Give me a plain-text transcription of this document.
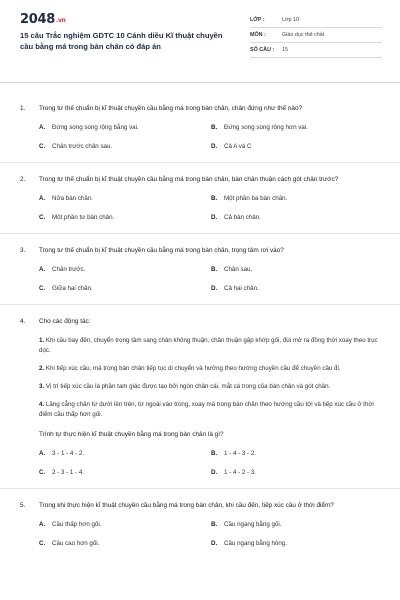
2048.vn
15 câu Trắc nghiệm GDTC 10 Cánh diều Kĩ thuật chuyền cầu bằng má trong bàn chân có đáp án
LỚP :	Lớp 10
MÔN :	Giáo dục thể chất
SỐ CÂU :	15
1.	Trong tư thế chuẩn bị kĩ thuật chuyền cầu bằng má trong bàn chân, chân đứng như thế nào?
A.	Đứng song song rộng bằng vai.	B.	Đứng song song rộng hơn vai.
C.	Chân trước chân sau.	D.	Cả A và C
2.	Trong tư thế chuẩn bị kĩ thuật chuyền cầu bằng má trong bàn chân, bàn chân thuận cách gót chân trước?
A.	Nửa bàn chân.	B.	Một phần ba bàn chân.
C.	Một phần tư bàn chân.	D.	Cả bàn chân.
3.	Trong tư thế chuẩn bị kĩ thuật chuyền cầu bằng má trong bàn chân, trọng tâm rơi vào?
A.	Chân trước.	B.	Chân sau.
C.	Giữa hai chân.	D.	Cả hai chân.
4.	Cho các động tác:
1. Khi cầu bay đến, chuyển trọng tâm sang chân không thuận, chân thuận gập khớp gối, đùi mở ra đồng thời xoay theo trục dọc.
2. Khi tiếp xúc cầu, má trong bàn chân tiếp tục di chuyển và hướng theo hướng chuyền cầu để chuyền cầu đi.
3. Vị trí tiếp xúc cầu là phần tam giác được tạo bởi ngón chân cái, mắt cá trong của bàn chân và gót chân.
4. Lăng cẳng chân từ dưới lên trên, từ ngoài vào trong, xoay má trong bàn chân theo hướng cầu tới và tiếp xúc cầu ở thời điểm cầu thấp hơn gối.
Trình tự thực hiện kĩ thuật chuyền bằng má trong bàn chân là gì?
A.	3 - 1 - 4 - 2.	B.	1 - 4 - 3 - 2.
C.	2 - 3 - 1 - 4.	D.	1 - 4 - 2 - 3.
5.	Trong khi thực hiện kĩ thuật chuyền cầu bằng má trong bàn chân, khi cầu đến, tiếp xúc cầu ở thời điểm?
A.	Cầu thấp hơn gối.	B.	Cầu ngang bằng gối.
C.	Cầu cao hơn gối.	D.	Cầu ngang bằng hông.
